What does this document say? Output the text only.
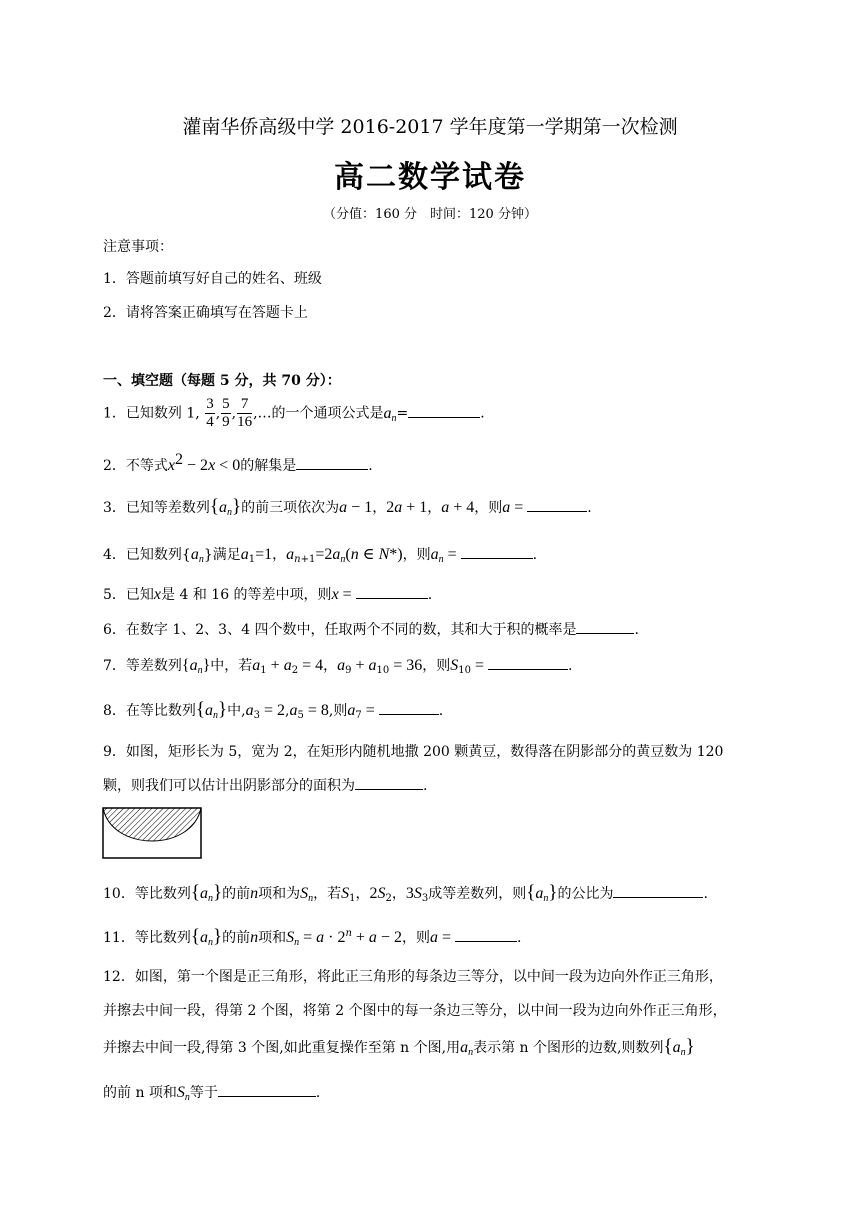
灌南华侨高级中学 2016-2017 学年度第一学期第一次检测
高二数学试卷
（分值：160 分　时间：120 分钟）
注意事项：
1．答题前填写好自己的姓名、班级
2．请将答案正确填写在答题卡上
一、填空题（每题 5 分，共 70 分）：
1．已知数列 1, $\frac{3}{4}$ , $\frac{5}{9}$ , $\frac{7}{16}$ ,…的一个通项公式是$a_n=$	.
2．不等式$x^2 - 2x < 0$的解集是	.
3．已知等差数列$\{a_n\}$的前三项依次为a − 1，2a + 1，a + 4，则a =	.
4．已知数列$\{a_n\}$满足$a_1=1$，$a_{n+1}=2a_n(n$ ∈ N*)，则$a_n$ =	.
5．已知x是 4 和 16 的等差中项，则x =	.
6．在数字 1、2、3、4 四个数中，任取两个不同的数，其和大于积的概率是	.
7．等差数列$\{a_n\}$中，若$a_1 + a_2 = 4$，$a_9 + a_{10} = 36$，则$S_{10}$ =	.
8．在等比数列$\{a_n\}$中$,a_3 = 2,a_5 = 8$,则$a_7$ =	.
9．如图，矩形长为 5，宽为 2，在矩形内随机地撒 200 颗黄豆，数得落在阴影部分的黄豆数为 120
颗，则我们可以估计出阴影部分的面积为	.
10．等比数列$\{a_n\}$的前n项和为$S_n$，若$S_1$，$2S_2$，$3S_3$成等差数列，则$\{a_n\}$的公比为	.
11．等比数列$\{a_n\}$的前n项和$S_n = a \cdot 2^n + a - 2$，则a =	.
12．如图，第一个图是正三角形，将此正三角形的每条边三等分，以中间一段为边向外作正三角形，
并擦去中间一段，得第 2 个图，将第 2 个图中的每一条边三等分，以中间一段为边向外作正三角形，
并擦去中间一段,得第 3 个图,如此重复操作至第 n 个图,用$a_n$表示第 n 个图形的边数,则数列$\{a_n\}$
的前 n 项和$S_n$等于	.
